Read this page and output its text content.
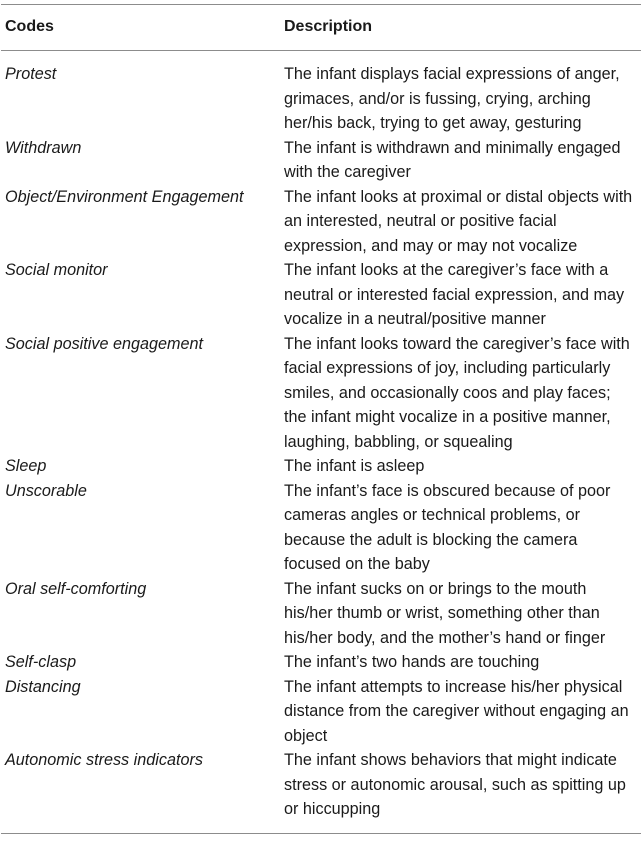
Codes	Description

Protest	The infant displays facial expressions of anger, grimaces, and/or is fussing, crying, arching her/his back, trying to get away, gesturing
Withdrawn	The infant is withdrawn and minimally engaged with the caregiver
Object/Environment Engagement	The infant looks at proximal or distal objects with an interested, neutral or positive facial expression, and may or may not vocalize
Social monitor	The infant looks at the caregiver’s face with a neutral or interested facial expression, and may vocalize in a neutral/positive manner
Social positive engagement	The infant looks toward the caregiver’s face with facial expressions of joy, including particularly smiles, and occasionally coos and play faces; the infant might vocalize in a positive manner, laughing, babbling, or squealing
Sleep	The infant is asleep
Unscorable	The infant’s face is obscured because of poor cameras angles or technical problems, or because the adult is blocking the camera focused on the baby
Oral self-comforting	The infant sucks on or brings to the mouth his/her thumb or wrist, something other than his/her body, and the mother’s hand or finger
Self-clasp	The infant’s two hands are touching
Distancing	The infant attempts to increase his/her physical distance from the caregiver without engaging an object
Autonomic stress indicators	The infant shows behaviors that might indicate stress or autonomic arousal, such as spitting up or hiccupping
